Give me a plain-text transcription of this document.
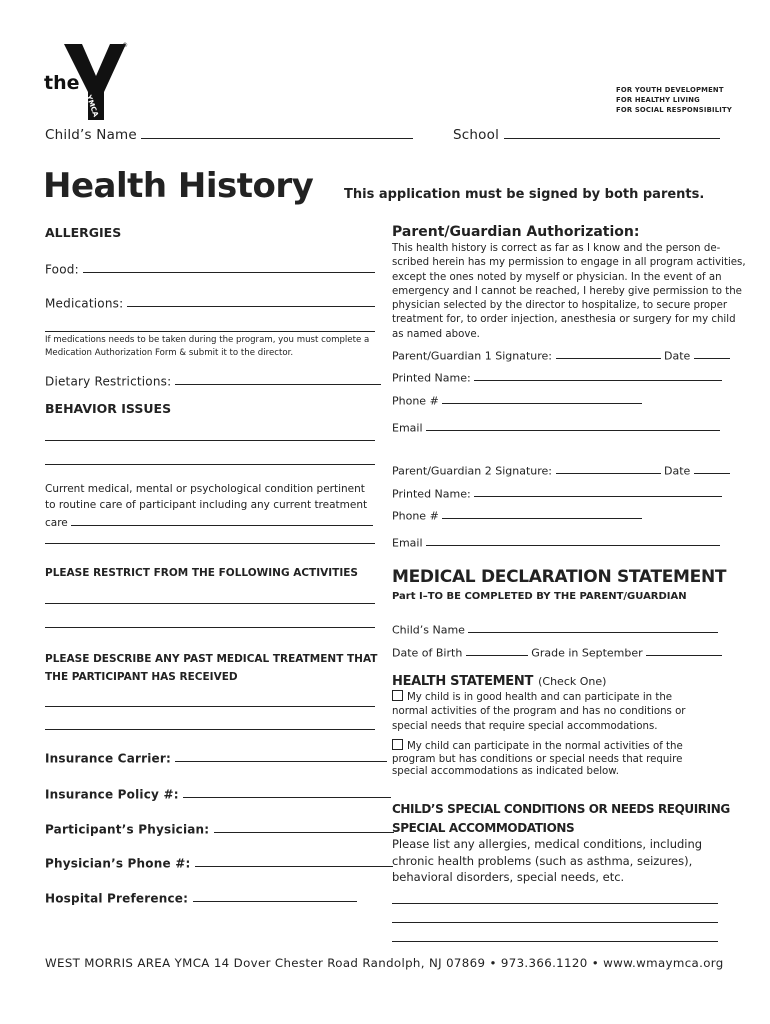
the
®
YMCA
FOR YOUTH DEVELOPMENT
FOR HEALTHY LIVING
FOR SOCIAL RESPONSIBILITY
Child’s Name	School
Health History This application must be signed by both parents.
ALLERGIES
Food:
Medications:
If medications needs to be taken during the program, you must complete a
Medication Authorization Form & submit it to the director.
Dietary Restrictions:
BEHAVIOR ISSUES
Current medical, mental or psychological condition pertinent
to routine care of participant including any current treatment
care
PLEASE RESTRICT FROM THE FOLLOWING ACTIVITIES
PLEASE DESCRIBE ANY PAST MEDICAL TREATMENT THAT
THE PARTICIPANT HAS RECEIVED
Insurance Carrier:
Insurance Policy #:
Participant’s Physician:
Physician’s Phone #:
Hospital Preference:
Parent/Guardian Authorization:
This health history is correct as far as I know and the person de-
scribed herein has my permission to engage in all program activities,
except the ones noted by myself or physician. In the event of an
emergency and I cannot be reached, I hereby give permission to the
physician selected by the director to hospitalize, to secure proper
treatment for, to order injection, anesthesia or surgery for my child
as named above.
Parent/Guardian 1 Signature:	Date
Printed Name:
Phone #
Email
Parent/Guardian 2 Signature:	Date
Printed Name:
Phone #
Email
MEDICAL DECLARATION STATEMENT
Part I–TO BE COMPLETED BY THE PARENT/GUARDIAN
Child’s Name
Date of Birth	Grade in September
HEALTH STATEMENT (Check One)
My child is in good health and can participate in the
normal activities of the program and has no conditions or
special needs that require special accommodations.
My child can participate in the normal activities of the
program but has conditions or special needs that require
special accommodations as indicated below.
CHILD’S SPECIAL CONDITIONS OR NEEDS REQUIRING
SPECIAL ACCOMMODATIONS
Please list any allergies, medical conditions, including
chronic health problems (such as asthma, seizures),
behavioral disorders, special needs, etc.
WEST MORRIS AREA YMCA 14 Dover Chester Road Randolph, NJ 07869 • 973.366.1120 • www.wmaymca.org
